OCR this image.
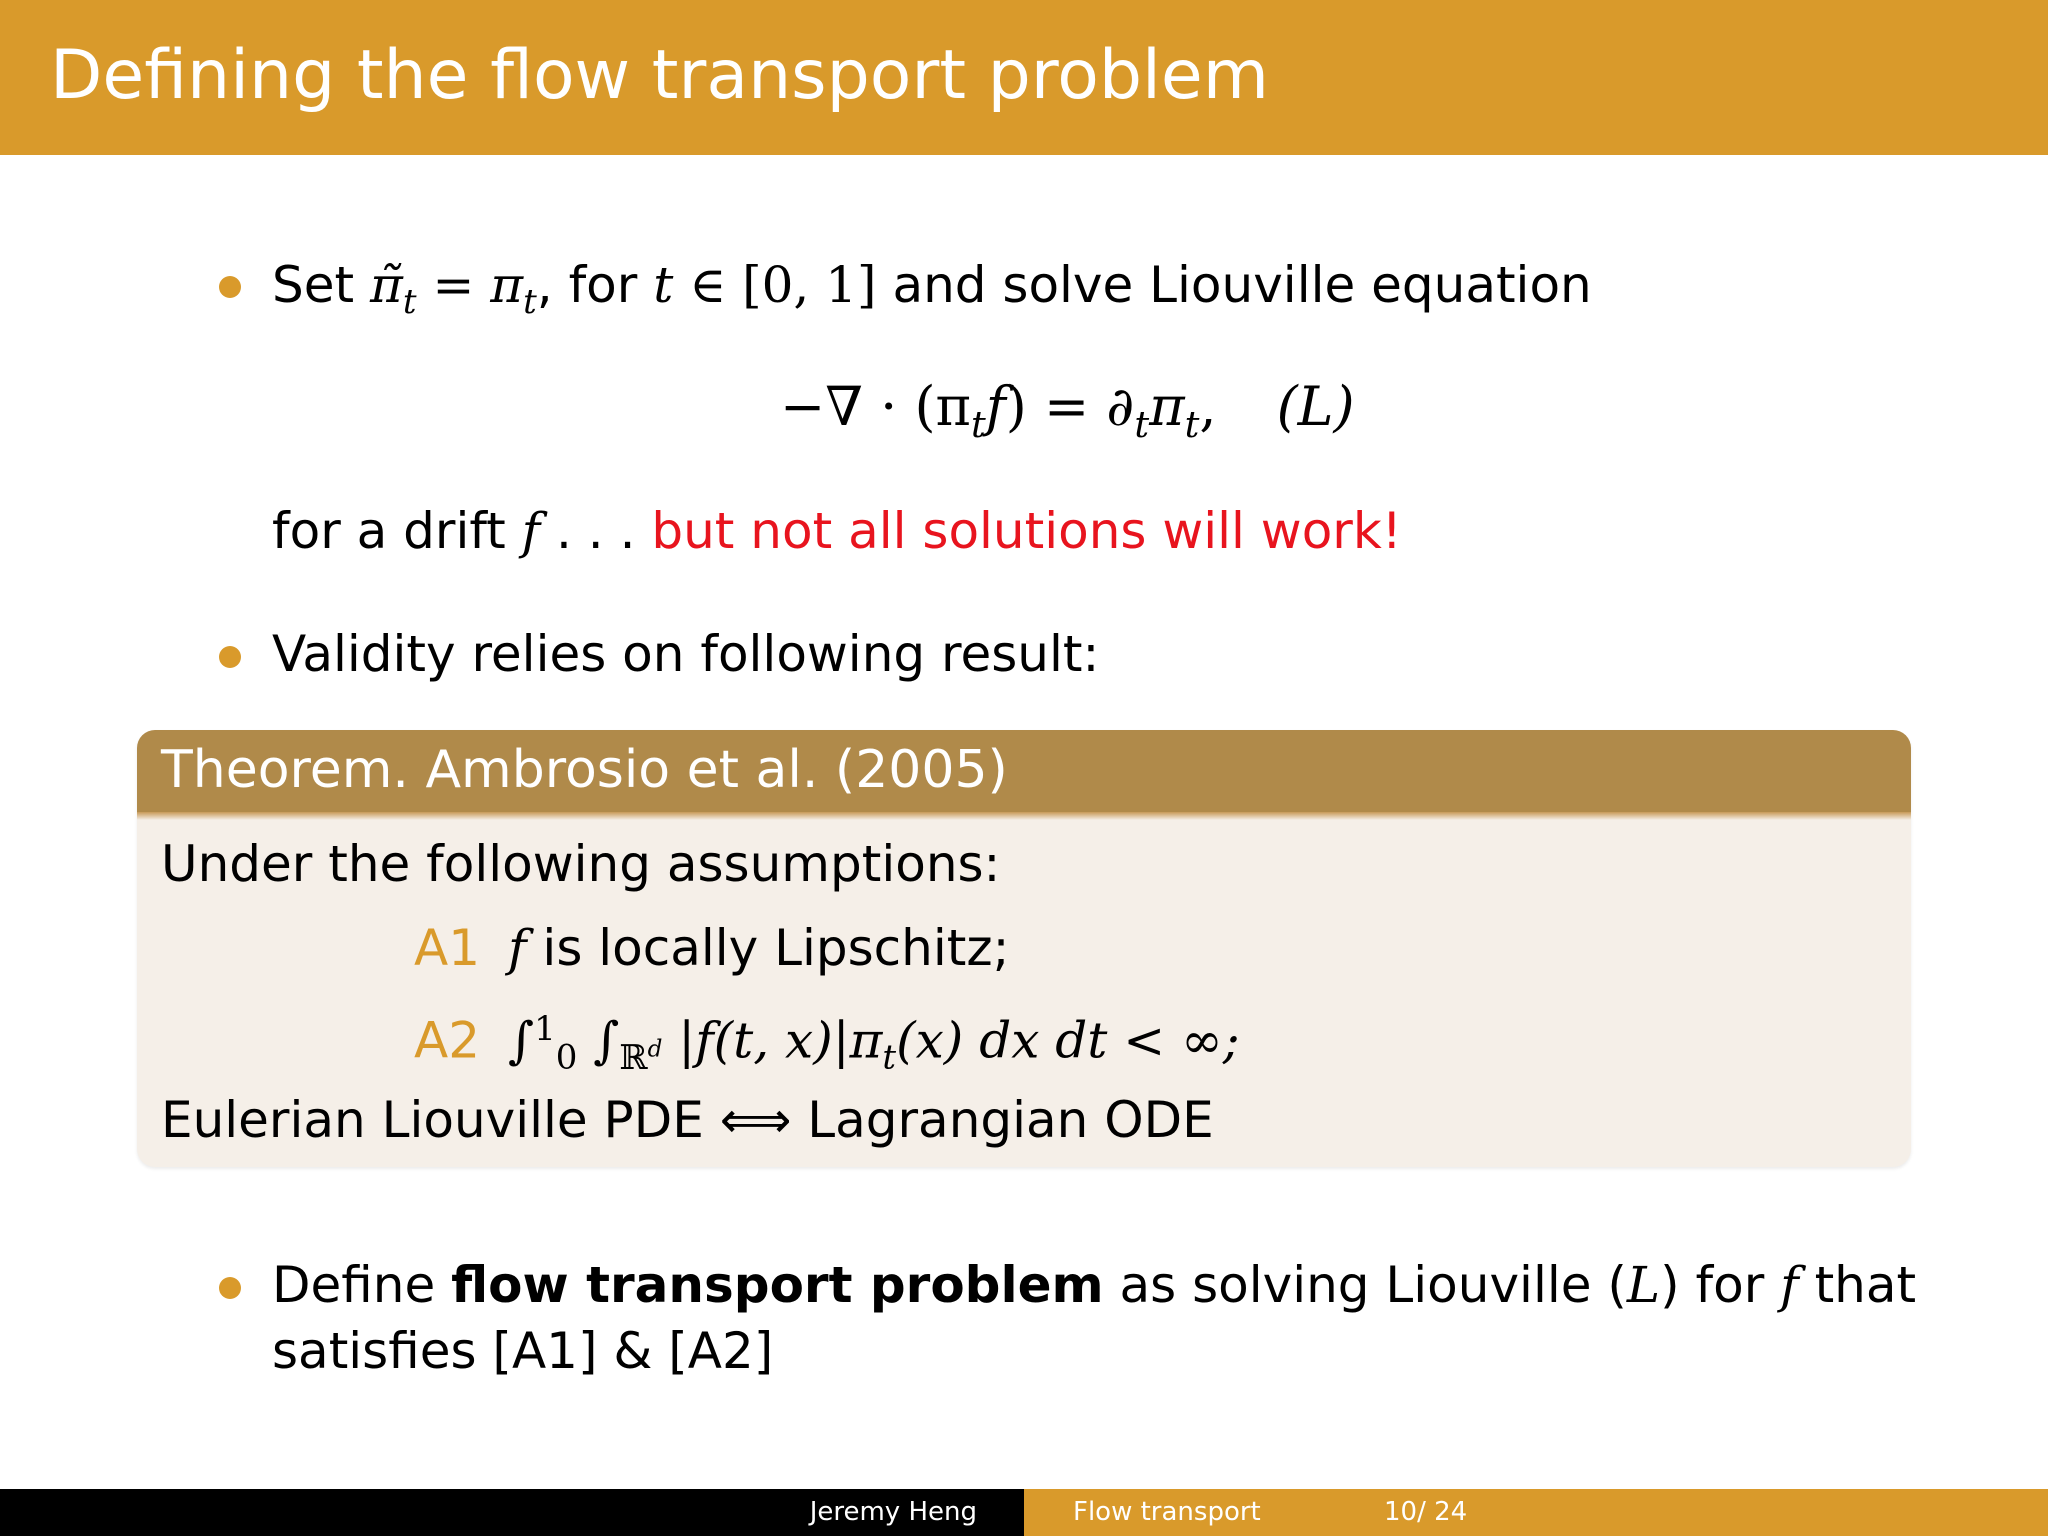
Defining the flow transport problem
Set $\pĩ_t = \pi_t$, for t ∈ [0, 1] and solve Liouville equation
−∇ · $(\pi_tf) = \partial_t\pi_t$, (L)
for a drift f . . . but not all solutions will work!
Validity relies on following result:
Theorem. Ambrosio et al. (2005)
Under the following assumptions:
A1 f is locally Lipschitz;
A2 ∫$^1_0$ $\int_{ℝ^d}$ |f(t, $x)|\pi_t(x)$ dx dt < ∞;
Eulerian Liouville PDE ⟺ Lagrangian ODE
Define flow transport problem as solving Liouville (L) for f that
satisfies [A1] & [A2]
Jeremy Heng	Flow transport	10/ 24
